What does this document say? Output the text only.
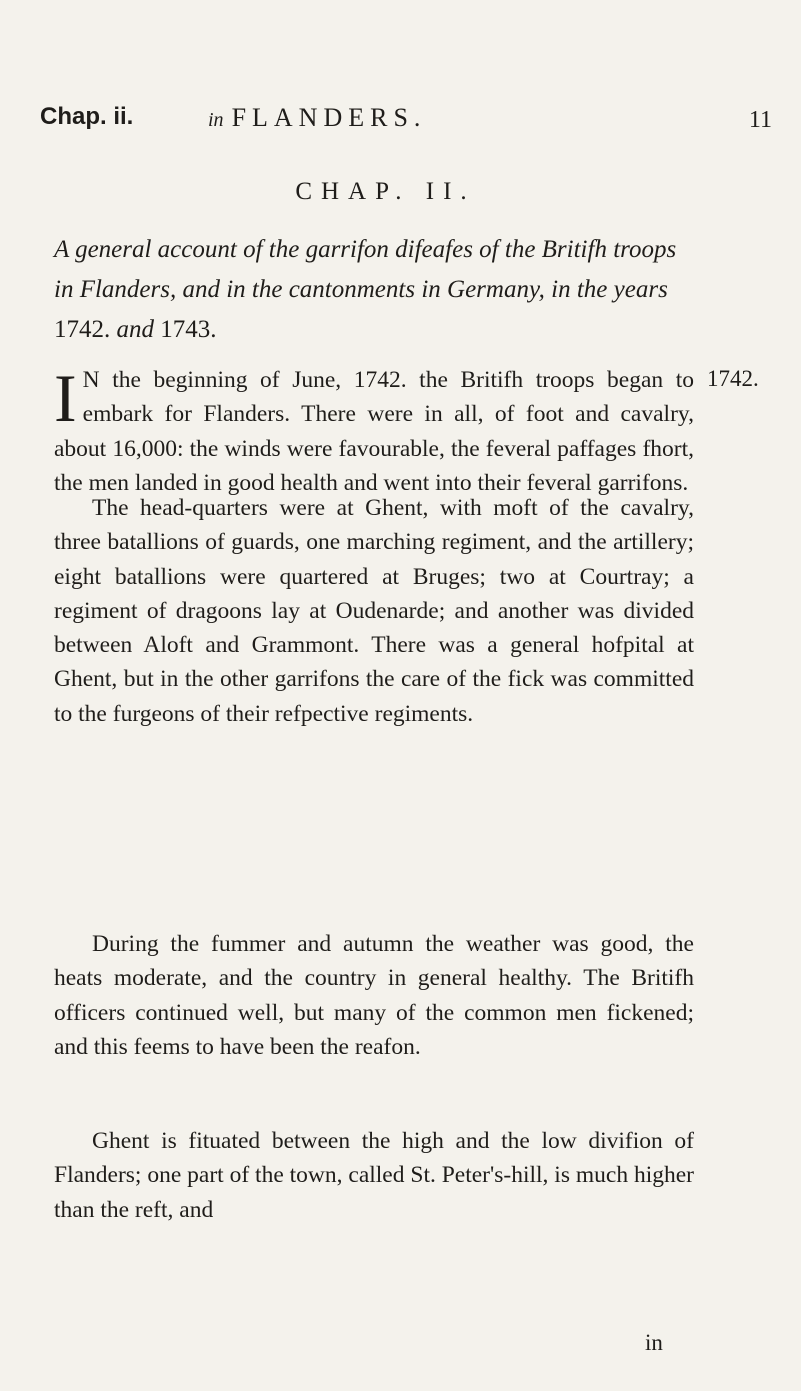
Chap. ii.	in FLANDERS.	11
CHAP. II.
A general account of the garrifon difeafes of the Britifh troops in Flanders, and in the cantonments in Germany, in the years 1742. and 1743.
1742.
I N the beginning of June, 1742. the Britifh troops began to embark for Flanders. There were in all, of foot and cavalry, about 16,000: the winds were favourable, the feveral paffages fhort, the men landed in good health and went into their feveral garrifons.
The head-quarters were at Ghent, with moft of the cavalry, three batallions of guards, one marching regiment, and the artillery; eight batallions were quartered at Bruges; two at Courtray; a regiment of dragoons lay at Oudenarde; and another was divided between Aloft and Grammont. There was a general hofpital at Ghent, but in the other garrifons the care of the fick was committed to the furgeons of their refpective regiments.
During the fummer and autumn the weather was good, the heats moderate, and the country in general healthy. The Britifh officers continued well, but many of the common men fickened; and this feems to have been the reafon.
Ghent is fituated between the high and the low divifion of Flanders; one part of the town, called St. Peter's-hill, is much higher than the reft, and
in
